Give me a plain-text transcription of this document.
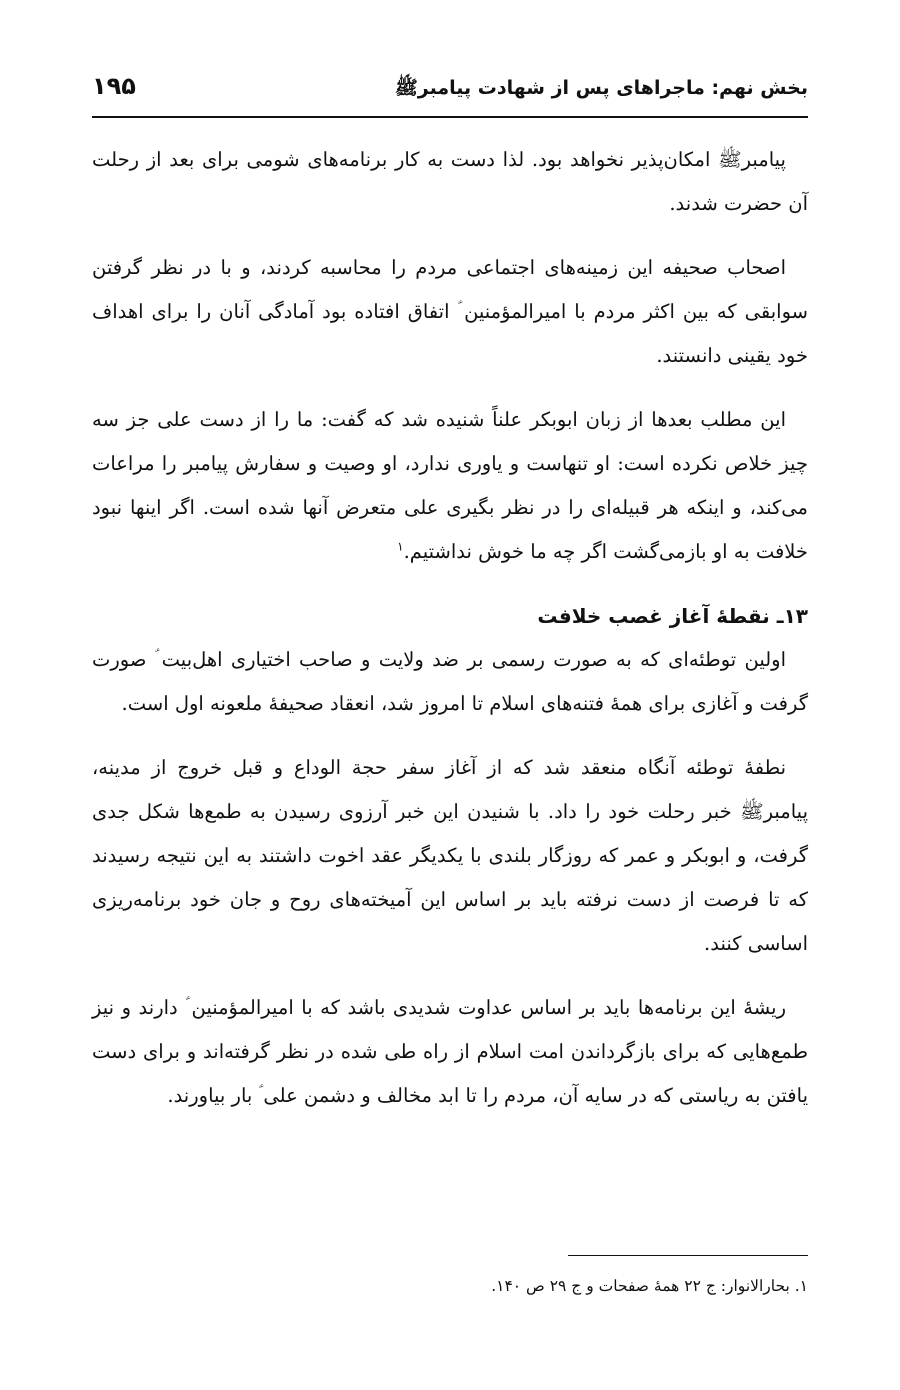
بخش نهم: ماجراهای پس از شهادت پیامبرﷺ
۱۹۵

پیامبرﷺ امکان‌پذیر نخواهد بود. لذا دست به کار برنامه‌های شومی برای بعد از رحلت آن حضرت شدند.

اصحاب صحیفه این زمینه‌های اجتماعی مردم را محاسبه کردند، و با در نظر گرفتن سوابقی که بین اکثر مردم با امیرالمؤمنین ؑ اتفاق افتاده بود آمادگی آنان را برای اهداف خود یقینی دانستند.

این مطلب بعدها از زبان ابوبکر علناً شنیده شد که گفت: ما را از دست علی جز سه چیز خلاص نکرده است: او تنهاست و یاوری ندارد، او وصیت و سفارش پیامبر را مراعات می‌کند، و اینکه هر قبیله‌ای را در نظر بگیری علی متعرض آنها شده است. اگر اینها نبود خلافت به او بازمی‌گشت اگر چه ما خوش نداشتیم.$^۱$

۱۳ـ نقطۀ آغاز غصب خلافت

اولین توطئه‌ای که به صورت رسمی بر ضد ولایت و صاحب اختیاری اهل‌بیت ؑ صورت گرفت و آغازی برای همۀ فتنه‌های اسلام تا امروز شد، انعقاد صحیفۀ ملعونه اول است.

نطفۀ توطئه آنگاه منعقد شد که از آغاز سفر حجة الوداع و قبل خروج از مدینه، پیامبرﷺ خبر رحلت خود را داد. با شنیدن این خبر آرزوی رسیدن به طمع‌ها شکل جدی گرفت، و ابوبکر و عمر که روزگار بلندی با یکدیگر عقد اخوت داشتند به این نتیجه رسیدند که تا فرصت از دست نرفته باید بر اساس این آمیخته‌های روح و جان خود برنامه‌ریزی اساسی کنند.

ریشۀ این برنامه‌ها باید بر اساس عداوت شدیدی باشد که با امیرالمؤمنین ؑ دارند و نیز طمع‌هایی که برای بازگرداندن امت اسلام از راه طی شده در نظر گرفته‌اند و برای دست یافتن به ریاستی که در سایه آن، مردم را تا ابد مخالف و دشمن علی ؑ بار بیاورند.

۱. بحارالانوار: ج ۲۲ همۀ صفحات و ج ۲۹ ص ۱۴۰.
